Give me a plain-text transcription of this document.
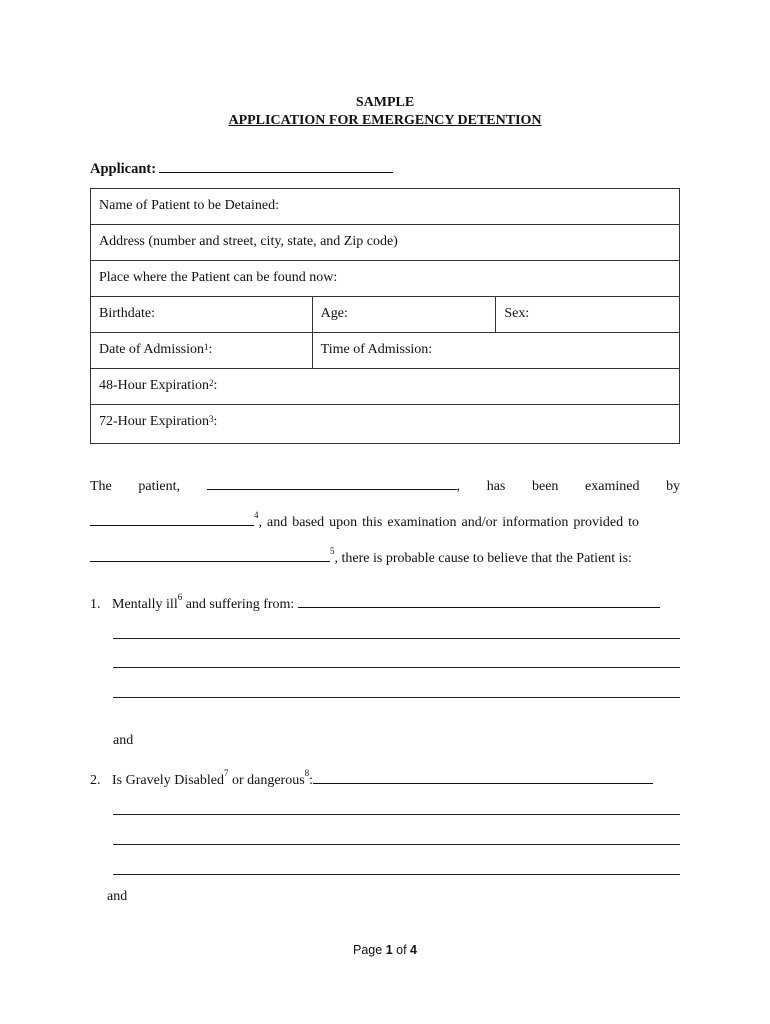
SAMPLE
APPLICATION FOR EMERGENCY DETENTION
Applicant:
Name of Patient to be Detained:		
Address (number and street, city, state, and Zip code)		
Place where the Patient can be found now:		
Birthdate:	Age:	Sex:
Date of Admission$^1$:	Time of Admission:	
48-Hour Expiration$^2$:		
72-Hour Expiration$^3$:		
The patient,	, has been examined by
$^4$, and based upon this examination and/or information provided to
$^5$, there is probable cause to believe that the Patient is:
1. Mentally ill$^6$ and suffering from:
and
2. Is Gravely Disabled$^7$ or dangerous$^8$:
and
Page 1 of 4
